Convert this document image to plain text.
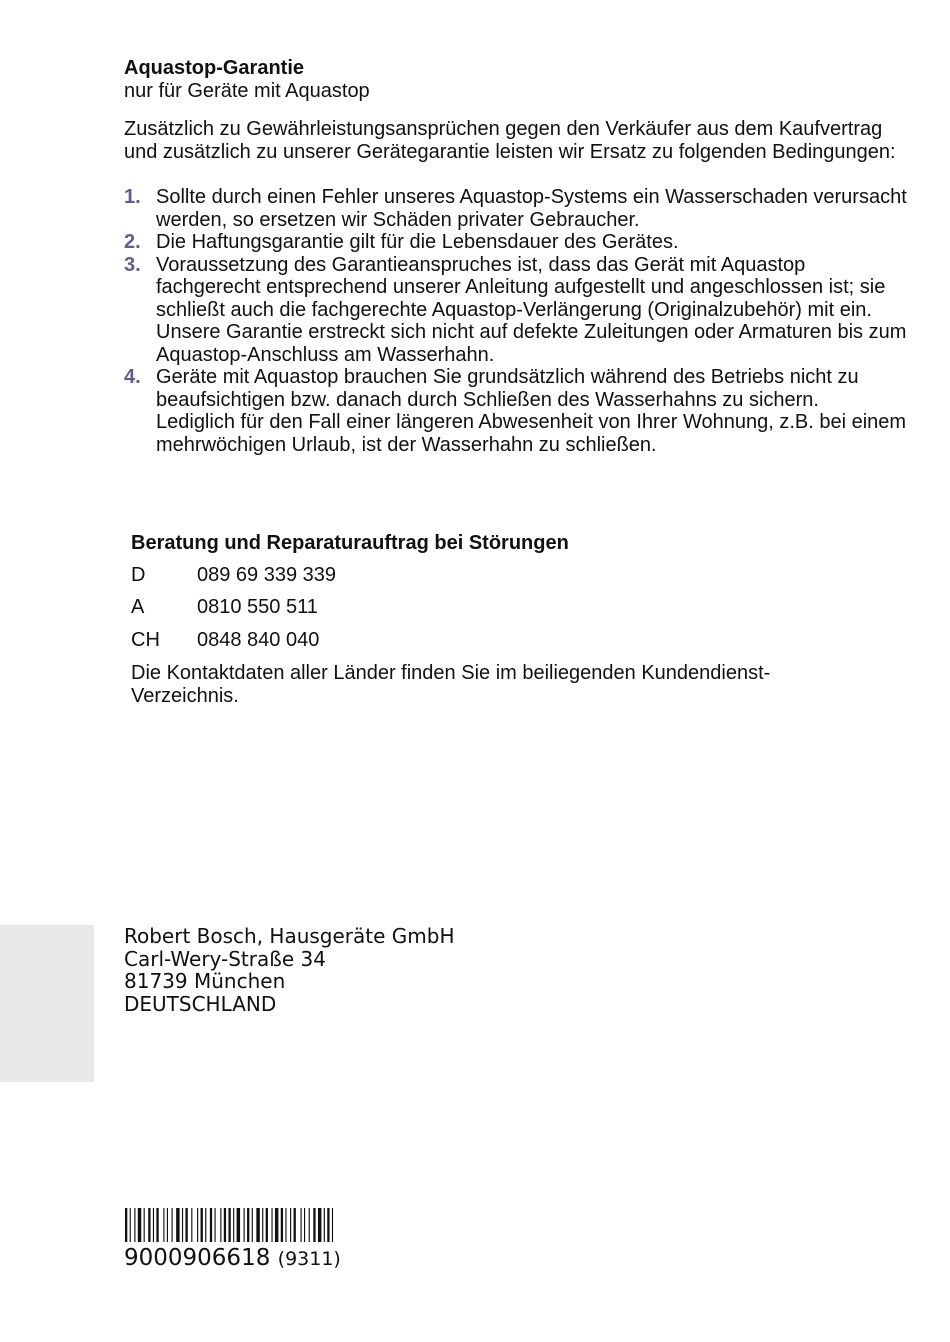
Aquastop-Garantie
nur für Geräte mit Aquastop
Zusätzlich zu Gewährleistungsansprüchen gegen den Verkäufer aus dem Kaufvertrag und zusätzlich zu unserer Gerätegarantie leisten wir Ersatz zu folgenden Bedingungen:
1. Sollte durch einen Fehler unseres Aquastop-Systems ein Wasserschaden verursacht werden, so ersetzen wir Schäden privater Gebraucher.
2. Die Haftungsgarantie gilt für die Lebensdauer des Gerätes.
3. Voraussetzung des Garantieanspruches ist, dass das Gerät mit Aquastop fachgerecht entsprechend unserer Anleitung aufgestellt und angeschlossen ist; sie schließt auch die fachgerechte Aquastop-Verlängerung (Originalzubehör) mit ein.
Unsere Garantie erstreckt sich nicht auf defekte Zuleitungen oder Armaturen bis zum Aquastop-Anschluss am Wasserhahn.
4. Geräte mit Aquastop brauchen Sie grundsätzlich während des Betriebs nicht zu beaufsichtigen bzw. danach durch Schließen des Wasserhahns zu sichern.
Lediglich für den Fall einer längeren Abwesenheit von Ihrer Wohnung, z.B. bei einem mehrwöchigen Urlaub, ist der Wasserhahn zu schließen.
Beratung und Reparaturauftrag bei Störungen
D	089 69 339 339
A	0810 550 511
CH	0848 840 040
Die Kontaktdaten aller Länder finden Sie im beiliegenden Kundendienst-Verzeichnis.
Robert Bosch, Hausgeräte GmbH
Carl-Wery-Straße 34
81739 München
DEUTSCHLAND
9000906618 (9311)
